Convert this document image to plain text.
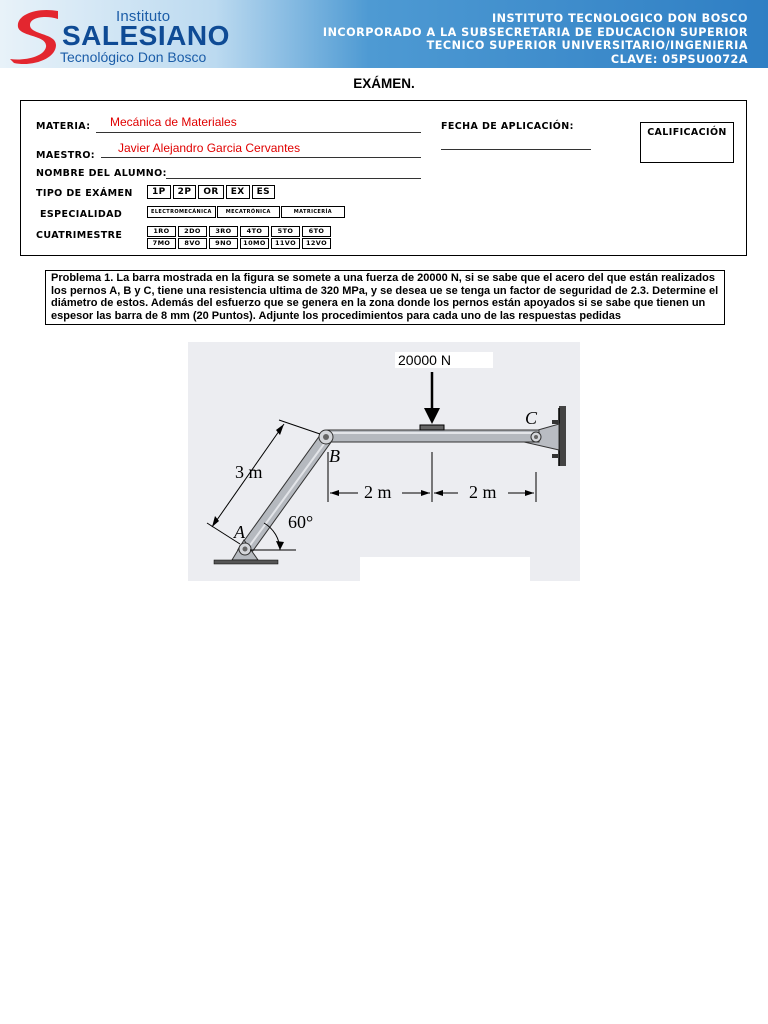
Instituto
SALESIANO
Tecnológico Don Bosco
INSTITUTO TECNOLOGICO DON BOSCO
INCORPORADO A LA SUBSECRETARIA DE EDUCACION SUPERIOR
TECNICO SUPERIOR UNIVERSITARIO/INGENIERIA
CLAVE: 05PSU0072A
EXÁMEN.
MATERIA: Mecánica de Materiales
MAESTRO:
Javier Alejandro Garcia Cervantes
NOMBRE DEL ALUMNO:
FECHA DE APLICACIÓN:
CALIFICACIÓN
TIPO DE EXÁMEN	1P	2P	OR	EX	ES
ESPECIALIDAD	ELECTROMECÁNICA	MECATRÓNICA	MATRICERÍA
CUATRIMESTRE	1RO	2DO	3RO	4TO	5TO	6TO
7MO	8VO	9NO	10MO	11VO	12VO
Problema 1. La barra mostrada en la figura se somete a una fuerza de 20000 N, si se sabe que el acero del que están realizados los pernos A, B y C, tiene una resistencia ultima de 320 MPa, y se desea ue se tenga un factor de seguridad de 2.3. Determine el diámetro de estos. Además del esfuerzo que se genera en la zona donde los pernos están apoyados si se sabe que tienen un espesor las barra de 8 mm (20 Puntos). Adjunte los procedimientos para cada uno de las respuestas pedidas
20000 N
3 m
2 m	2 m
60°
A
B
C
